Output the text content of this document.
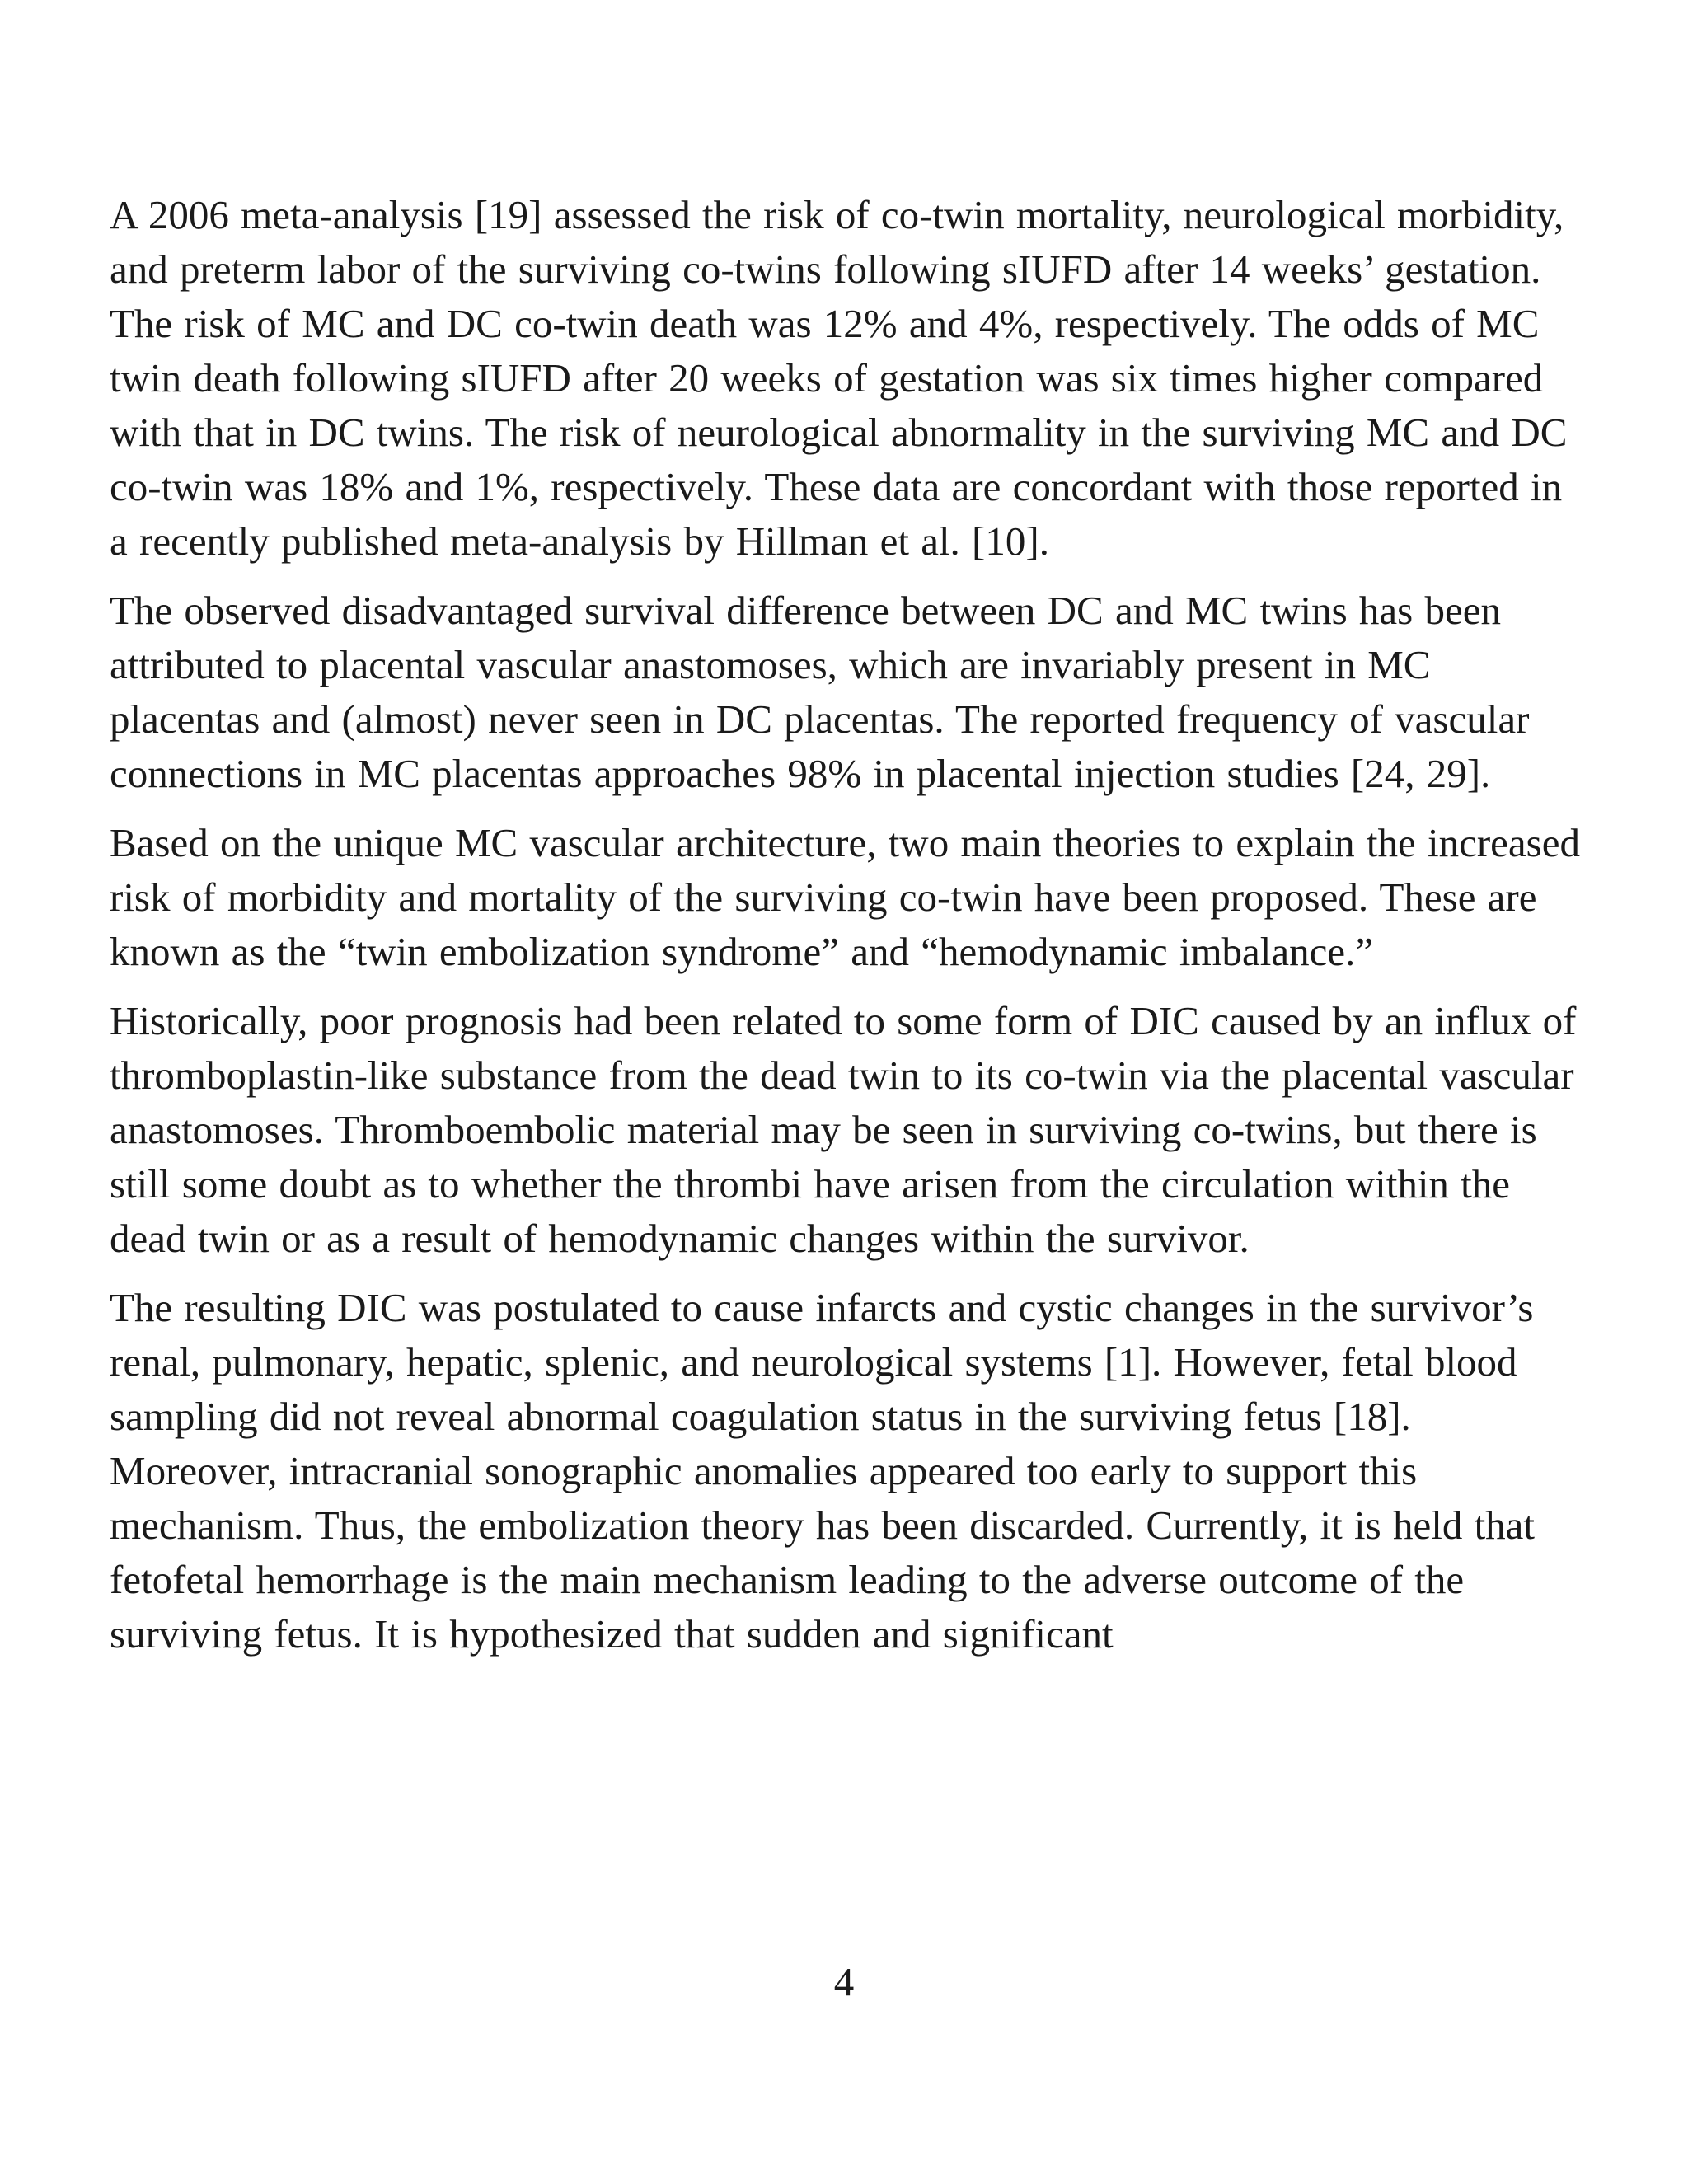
A 2006 meta-analysis [19] assessed the risk of co-twin mortality, neurological morbidity, and preterm labor of the surviving co-twins following sIUFD after 14 weeks’ gestation. The risk of MC and DC co-twin death was 12% and 4%, respectively. The odds of MC twin death following sIUFD after 20 weeks of gestation was six times higher compared with that in DC twins. The risk of neurological abnormality in the surviving MC and DC co-twin was 18% and 1%, respectively. These data are concordant with those reported in a recently published meta-analysis by Hillman et al. [10].

The observed disadvantaged survival difference between DC and MC twins has been attributed to placental vascular anastomoses, which are invariably present in MC placentas and (almost) never seen in DC placentas. The reported frequency of vascular connections in MC placentas approaches 98% in placental injection studies [24, 29].

Based on the unique MC vascular architecture, two main theories to explain the increased risk of morbidity and mortality of the surviving co-twin have been proposed. These are known as the “twin embolization syndrome” and “hemodynamic imbalance.”

Historically, poor prognosis had been related to some form of DIC caused by an influx of thromboplastin-like substance from the dead twin to its co-twin via the placental vascular anastomoses. Thromboembolic material may be seen in surviving co-twins, but there is still some doubt as to whether the thrombi have arisen from the circulation within the dead twin or as a result of hemodynamic changes within the survivor.

The resulting DIC was postulated to cause infarcts and cystic changes in the survivor’s renal, pulmonary, hepatic, splenic, and neurological systems [1]. However, fetal blood sampling did not reveal abnormal coagulation status in the surviving fetus [18]. Moreover, intracranial sonographic anomalies appeared too early to support this mechanism. Thus, the embolization theory has been discarded. Currently, it is held that fetofetal hemorrhage is the main mechanism leading to the adverse outcome of the surviving fetus. It is hypothesized that sudden and significant

4
